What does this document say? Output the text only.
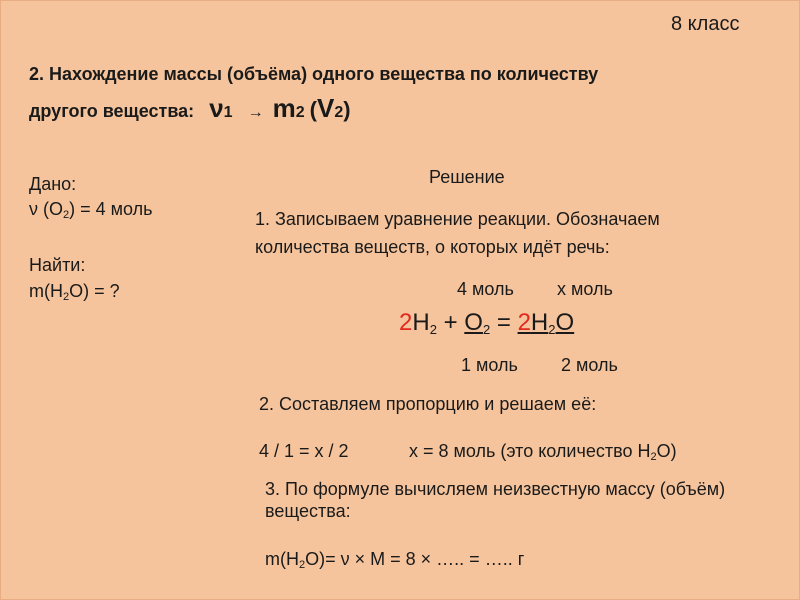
8 класс
2. Нахождение массы (объёма) одного вещества по количеству
другого вещества: ν1 → m2 (V2)
Дано:
ν $(O_2) = 4$ моль
Найти:
$m(H_2O)$ = ?
Решение
1. Записываем уравнение реакции. Обозначаем
количества веществ, о которых идёт речь:
4 моль х моль
$2H_2 + O_2 = 2H_2O$
1 моль 2 моль
2. Составляем пропорцию и решаем её:
4 / 1 = x / 2	x = 8 моль (это количество $H_2O$)
3. По формуле вычисляем неизвестную массу (объём)
вещества:
$m(H_2O)= \nu \times M = 8$ × ….. = ….. г
